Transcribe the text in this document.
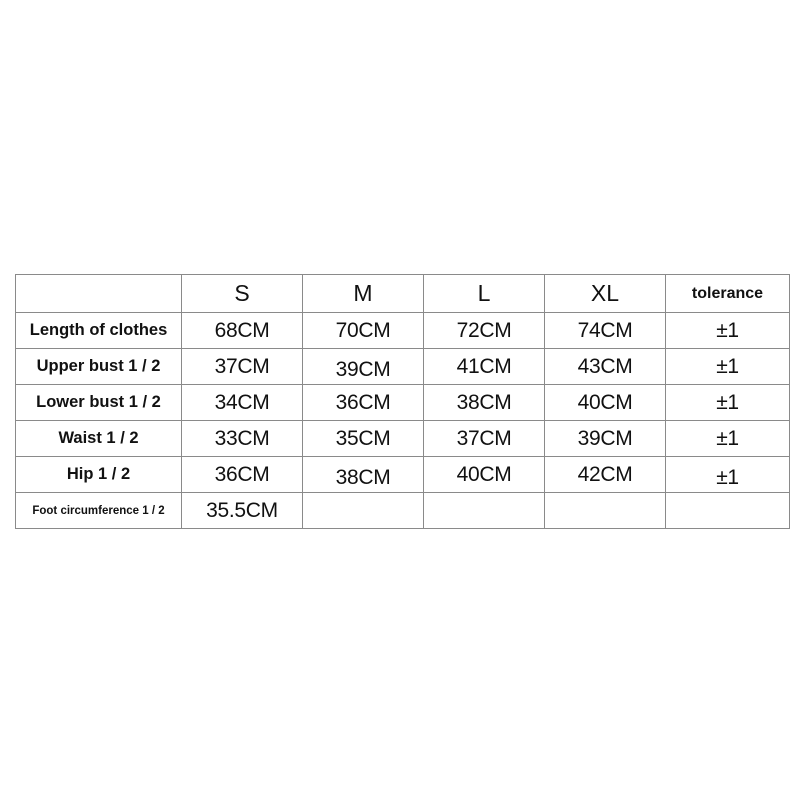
	S	M	L	XL	tolerance
Length of clothes	68CM	70CM	72CM	74CM	±1
Upper bust 1 / 2	37CM	39CM	41CM	43CM	±1
Lower bust 1 / 2	34CM	36CM	38CM	40CM	±1
Waist 1 / 2	33CM	35CM	37CM	39CM	±1
Hip 1 / 2	36CM	38CM	40CM	42CM	±1
Foot circumference 1 / 2	35.5CM				
